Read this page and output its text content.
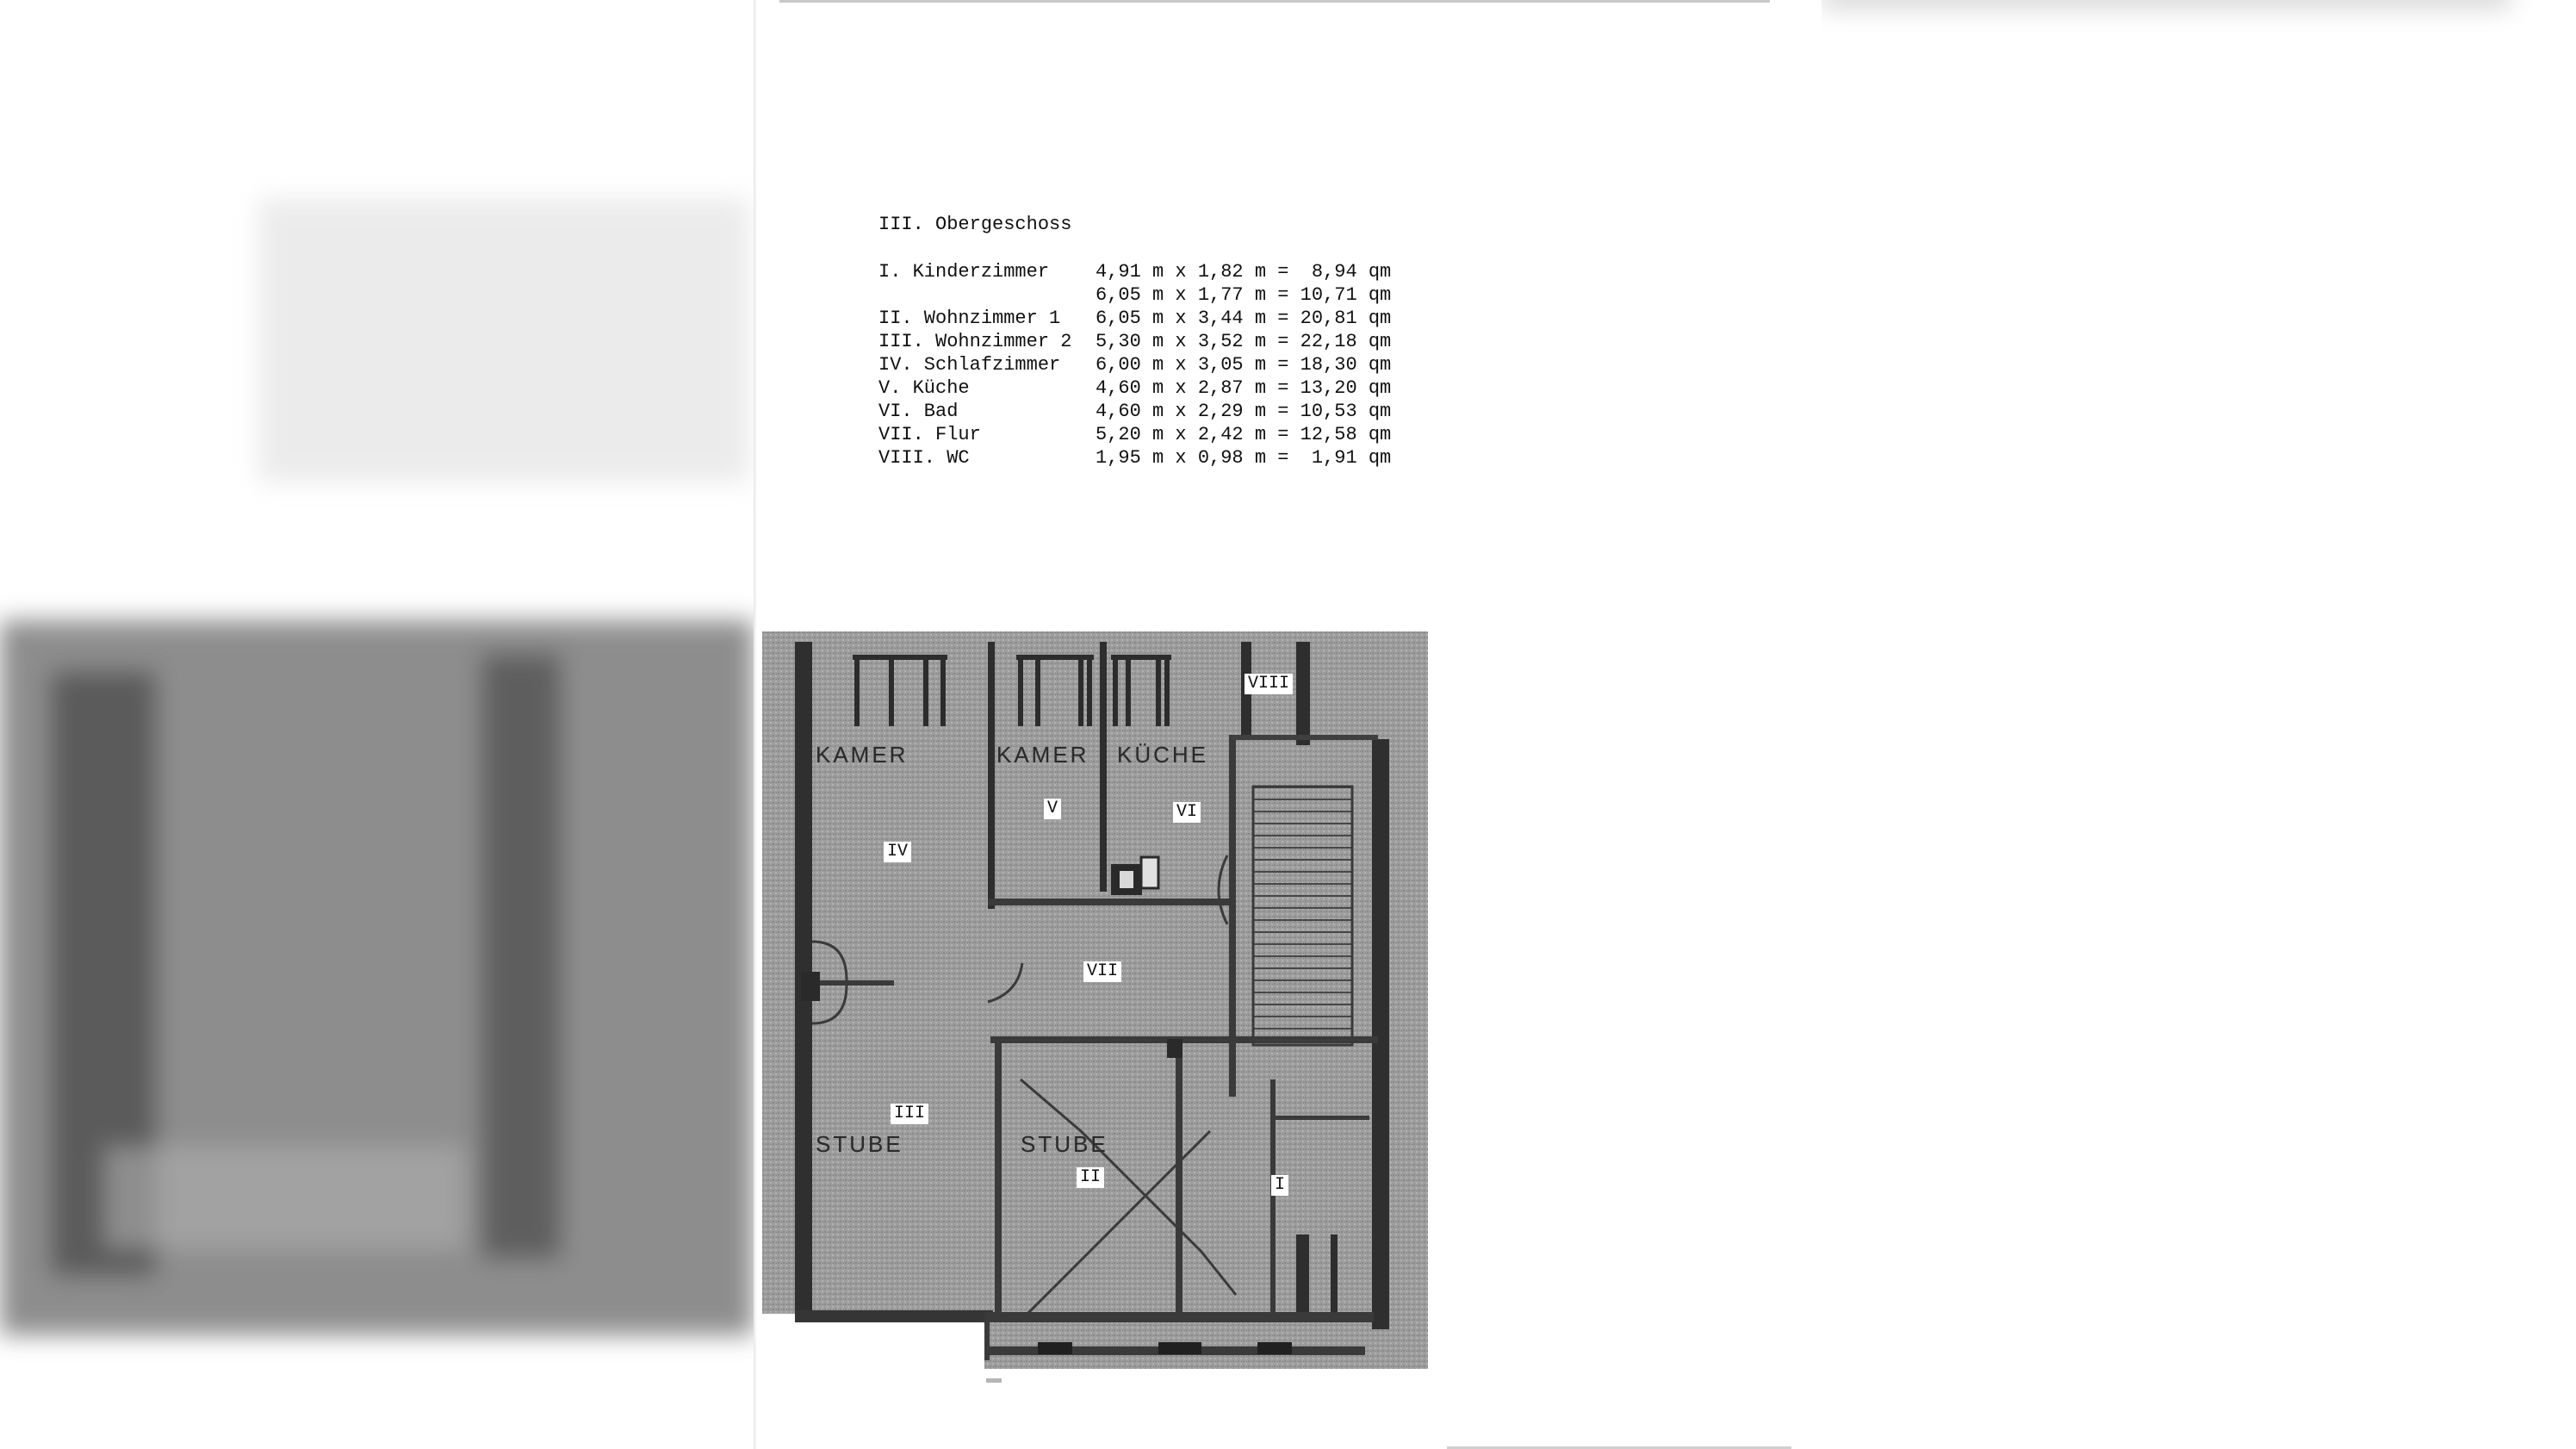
III. Obergeschoss
I. Kinderzimmer	4,91 m x 1,82 m =  8,94 qm
	6,05 m x 1,77 m = 10,71 qm
II. Wohnzimmer 1	6,05 m x 3,44 m = 20,81 qm
III. Wohnzimmer 2	5,30 m x 3,52 m = 22,18 qm
IV. Schlafzimmer	6,00 m x 3,05 m = 18,30 qm
V. Küche	4,60 m x 2,87 m = 13,20 qm
VI. Bad	4,60 m x 2,29 m = 10,53 qm
VII. Flur	5,20 m x 2,42 m = 12,58 qm
VIII. WC	1,95 m x 0,98 m =  1,91 qm
KAMER	KAMER KÜCHE
STUBE	STUBE
VIII
V	VI
IV
VII
III
II	I
